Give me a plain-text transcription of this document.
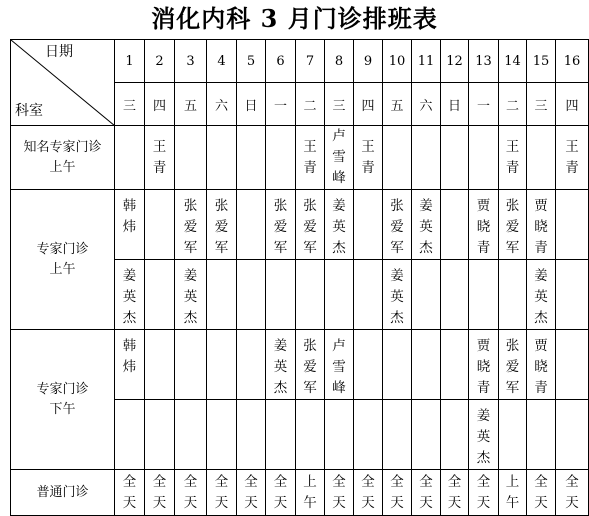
消化内科 3 月门诊排班表
日期
科室	1	2	3	4	5	6	7	8	9	10	11	12	13	14	15	16
	三	四	五	六	日	一	二	三	四	五	六	日	一	二	三	四

知名专家门诊
上午		王青					王青	卢雪峰	王青					王青		王青

专家门诊
上午	韩炜		张爱军	张爱军		张爱军	张爱军	姜英杰		张爱军	姜英杰		贾晓青	张爱军	贾晓青	
	姜英杰		姜英杰							姜英杰					姜英杰	

专家门诊
下午	韩炜					姜英杰	张爱军	卢雪峰					贾晓青	张爱军	贾晓青	
													姜英杰			
普通门诊	全天	全天	全天	全天	全天	全天	上午	全天	全天	全天	全天	全天	全天	上午	全天	全天
